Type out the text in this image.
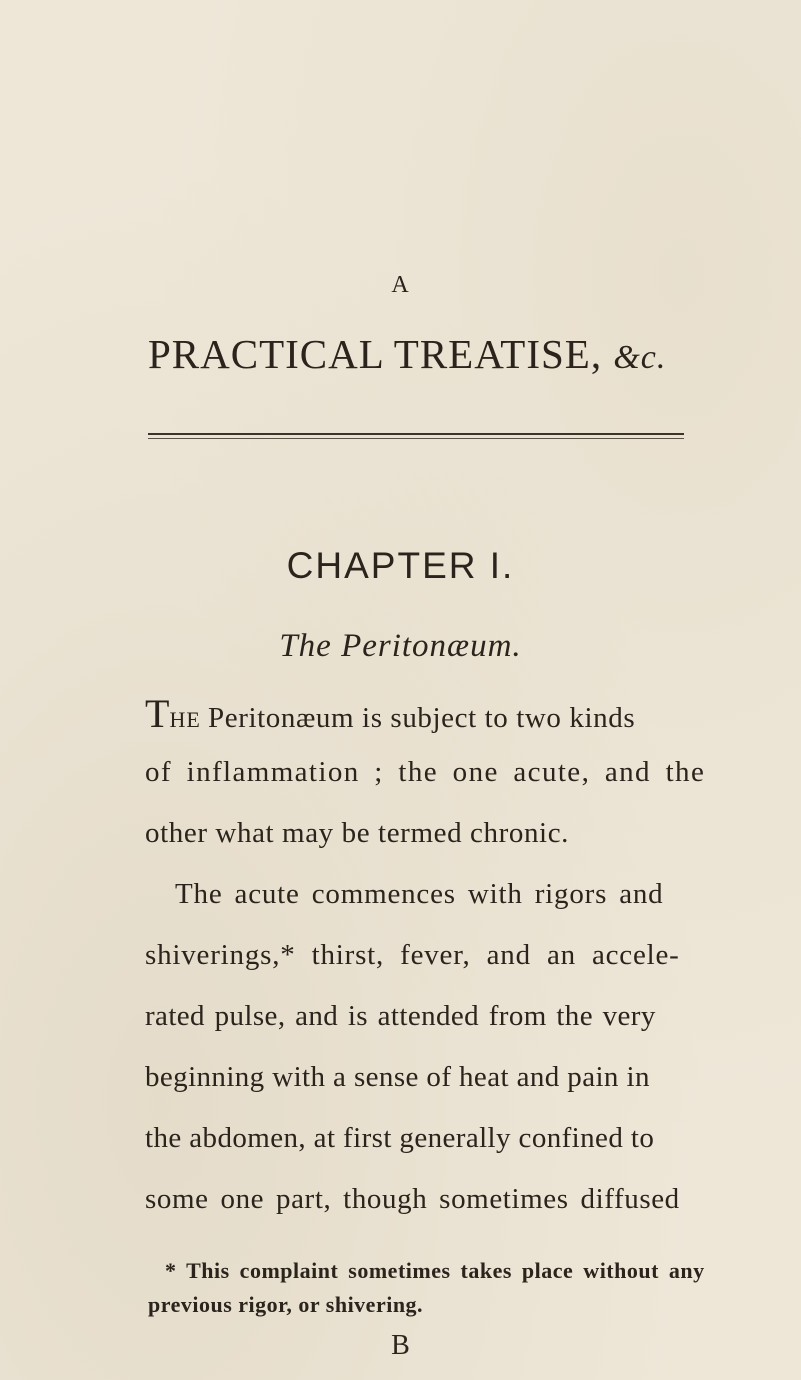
A
PRACTICAL TREATISE, &c.
CHAPTER I.
The Peritonæum.
THE Peritonæum is subject to two kinds
of inflammation ; the one acute, and the
other what may be termed chronic.
The acute commences with rigors and
shiverings,* thirst, fever, and an accele-
rated pulse, and is attended from the very
beginning with a sense of heat and pain in
the abdomen, at first generally confined to
some one part, though sometimes diffused
* This complaint sometimes takes place without any
previous rigor, or shivering.
B
